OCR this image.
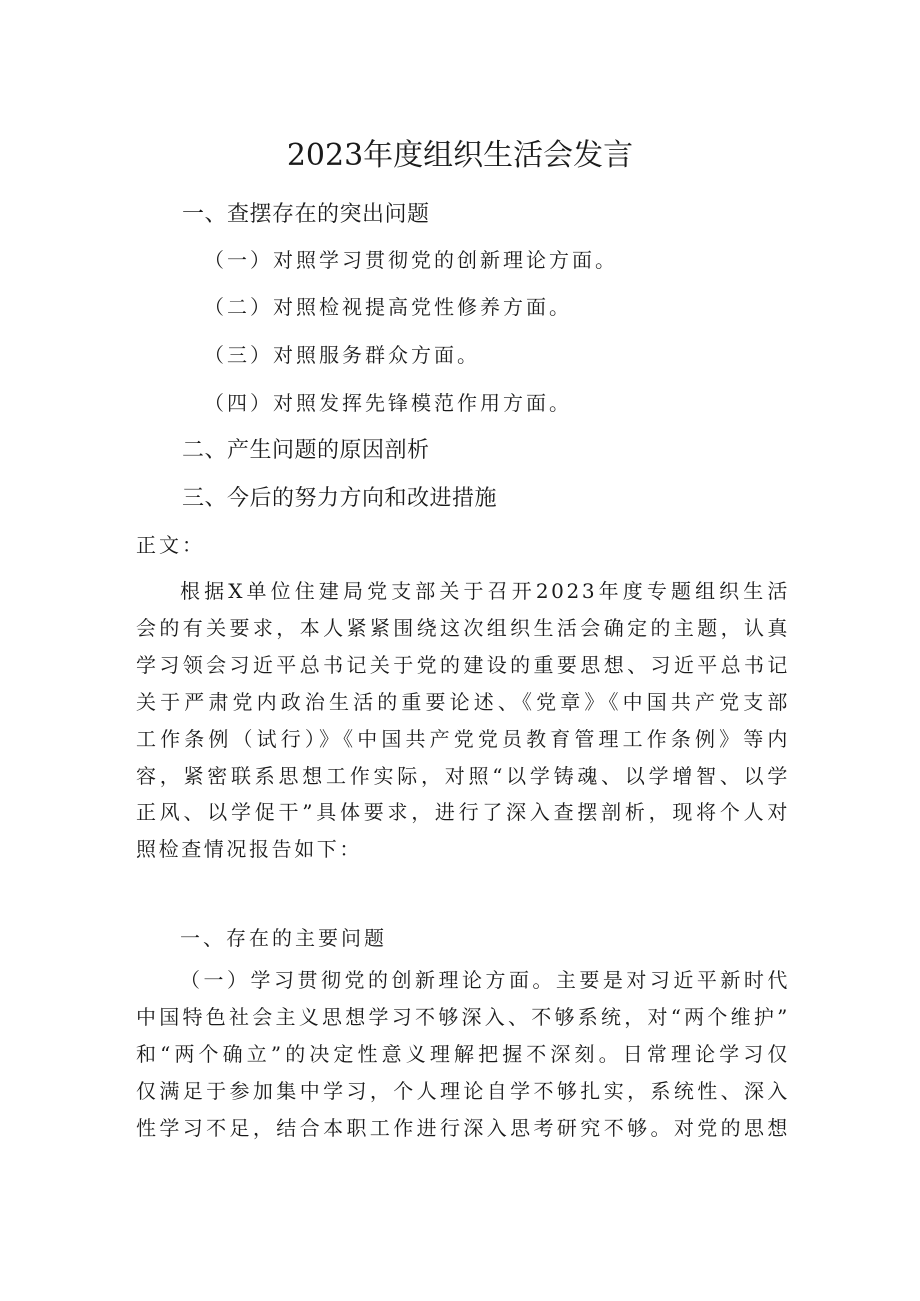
2023年度组织生活会发言
一、查摆存在的突出问题
（一）对照学习贯彻党的创新理论方面。
（二）对照检视提高党性修养方面。
（三）对照服务群众方面。
（四）对照发挥先锋模范作用方面。
二、产生问题的原因剖析
三、今后的努力方向和改进措施
正文：
根据X单位住建局党支部关于召开2023年度专题组织生活
会的有关要求，本人紧紧围绕这次组织生活会确定的主题，认真
学习领会习近平总书记关于党的建设的重要思想、习近平总书记
关于严肃党内政治生活的重要论述、《党章》《中国共产党支部
工作条例（试行）》《中国共产党党员教育管理工作条例》等内
容，紧密联系思想工作实际，对照“以学铸魂、以学增智、以学
正风、以学促干”具体要求，进行了深入查摆剖析，现将个人对
照检查情况报告如下：
一、存在的主要问题
（一）学习贯彻党的创新理论方面。主要是对习近平新时代
中国特色社会主义思想学习不够深入、不够系统，对“两个维护”
和“两个确立”的决定性意义理解把握不深刻。日常理论学习仅
仅满足于参加集中学习，个人理论自学不够扎实，系统性、深入
性学习不足，结合本职工作进行深入思考研究不够。对党的思想
